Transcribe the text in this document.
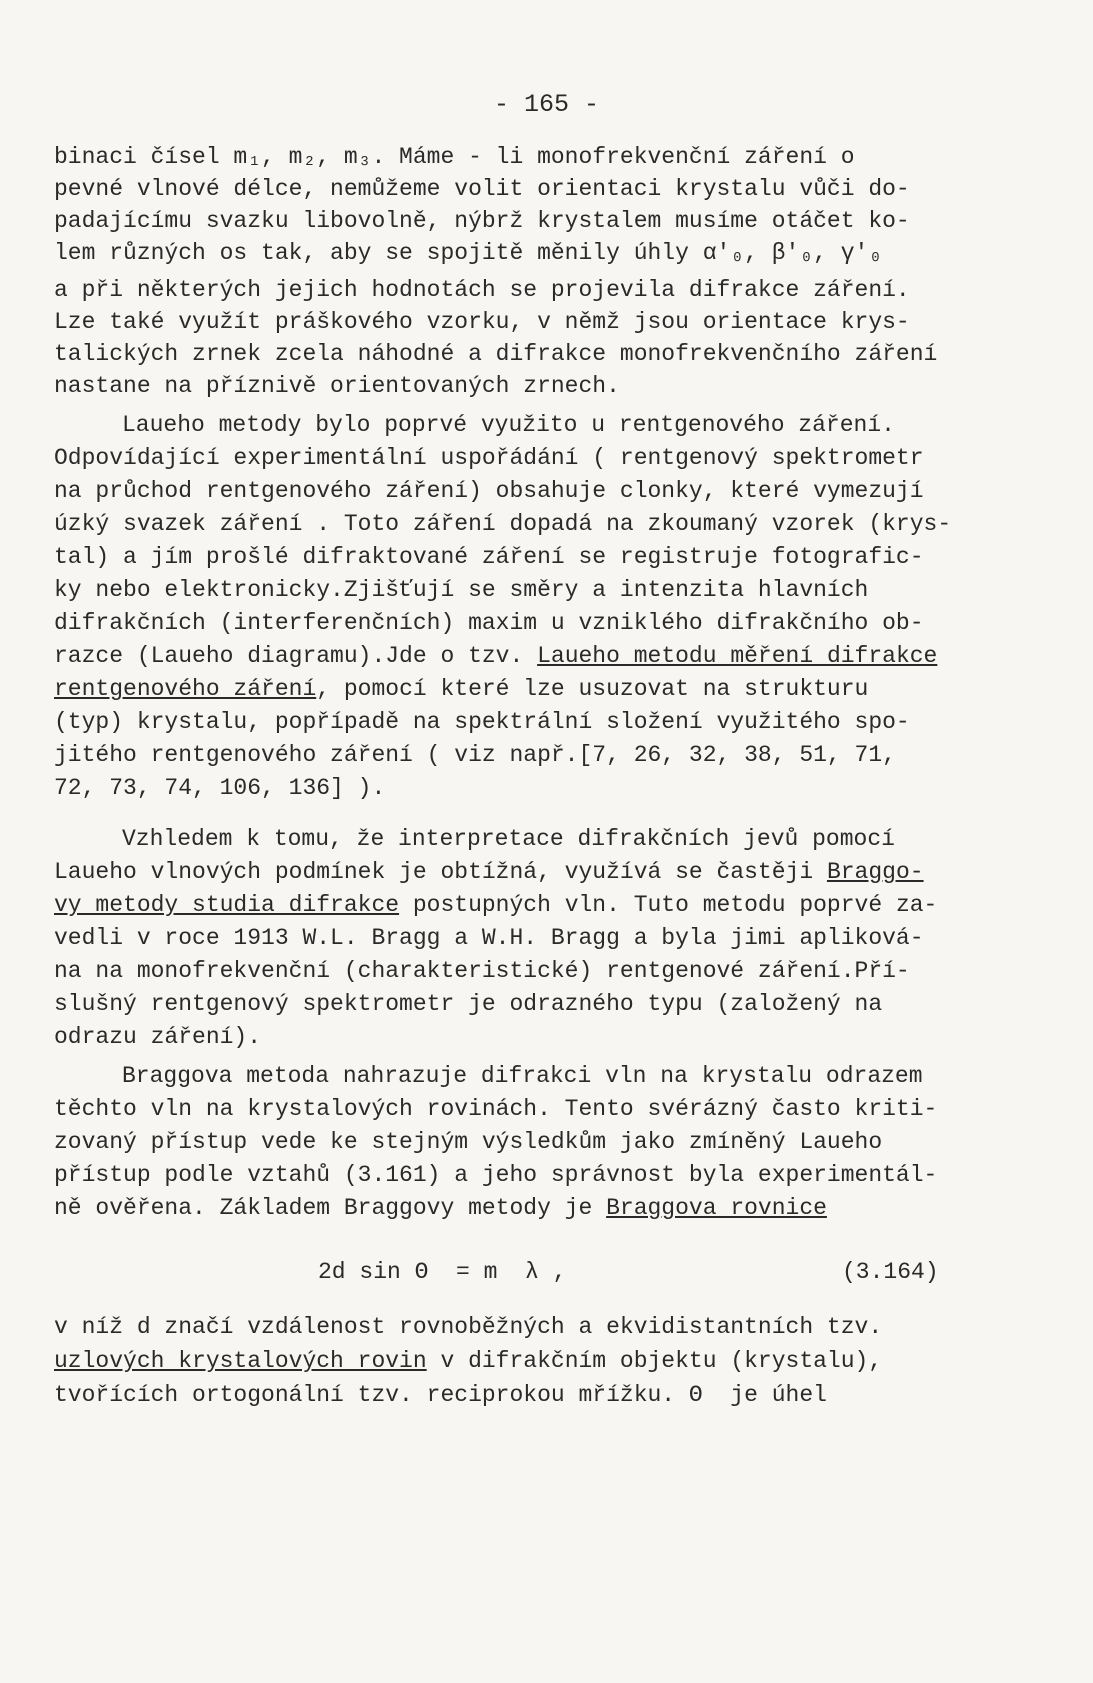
- 165 -
binaci čísel m₁, m₂, m₃. Máme - li monofrekvenční záření o
pevné vlnové délce, nemůžeme volit orientaci krystalu vůči do-
padajícímu svazku libovolně, nýbrž krystalem musíme otáčet ko-
lem různých os tak, aby se spojitě měnily úhly α′₀, β′₀, γ′₀
a při některých jejich hodnotách se projevila difrakce záření.
Lze také využít práškového vzorku, v němž jsou orientace krys-
talických zrnek zcela náhodné a difrakce monofrekvenčního záření
nastane na příznivě orientovaných zrnech.
Laueho metody bylo poprvé využito u rentgenového záření.
Odpovídající experimentální uspořádání ( rentgenový spektrometr
na průchod rentgenového záření) obsahuje clonky, které vymezují
úzký svazek záření . Toto záření dopadá na zkoumaný vzorek (krys-
tal) a jím prošlé difraktované záření se registruje fotografic-
ky nebo elektronicky.Zjišťují se směry a intenzita hlavních
difrakčních (interferenčních) maxim u vzniklého difrakčního ob-
razce (Laueho diagramu).Jde o tzv. Laueho metodu měření difrakce
rentgenového záření, pomocí které lze usuzovat na strukturu
(typ) krystalu, popřípadě na spektrální složení využitého spo-
jitého rentgenového záření ( viz např.[7, 26, 32, 38, 51, 71,
72, 73, 74, 106, 136] ).
Vzhledem k tomu, že interpretace difrakčních jevů pomocí
Laueho vlnových podmínek je obtížná, využívá se častěji Braggo-
vy metody studia difrakce postupných vln. Tuto metodu poprvé za-
vedli v roce 1913 W.L. Bragg a W.H. Bragg a byla jimi apliková-
na na monofrekvenční (charakteristické) rentgenové záření.Pří-
slušný rentgenový spektrometr je odrazného typu (založený na
odrazu záření).
Braggova metoda nahrazuje difrakci vln na krystalu odrazem
těchto vln na krystalových rovinách. Tento svérázný často kriti-
zovaný přístup vede ke stejným výsledkům jako zmíněný Laueho
přístup podle vztahů (3.161) a jeho správnost byla experimentál-
ně ověřena. Základem Braggovy metody je Braggova rovnice
2d sin Θ  = m  λ ,	(3.164)
v níž d značí vzdálenost rovnoběžných a ekvidistantních tzv.
uzlových krystalových rovin v difrakčním objektu (krystalu),
tvořících ortogonální tzv. reciprokou mřížku. Θ  je úhel
